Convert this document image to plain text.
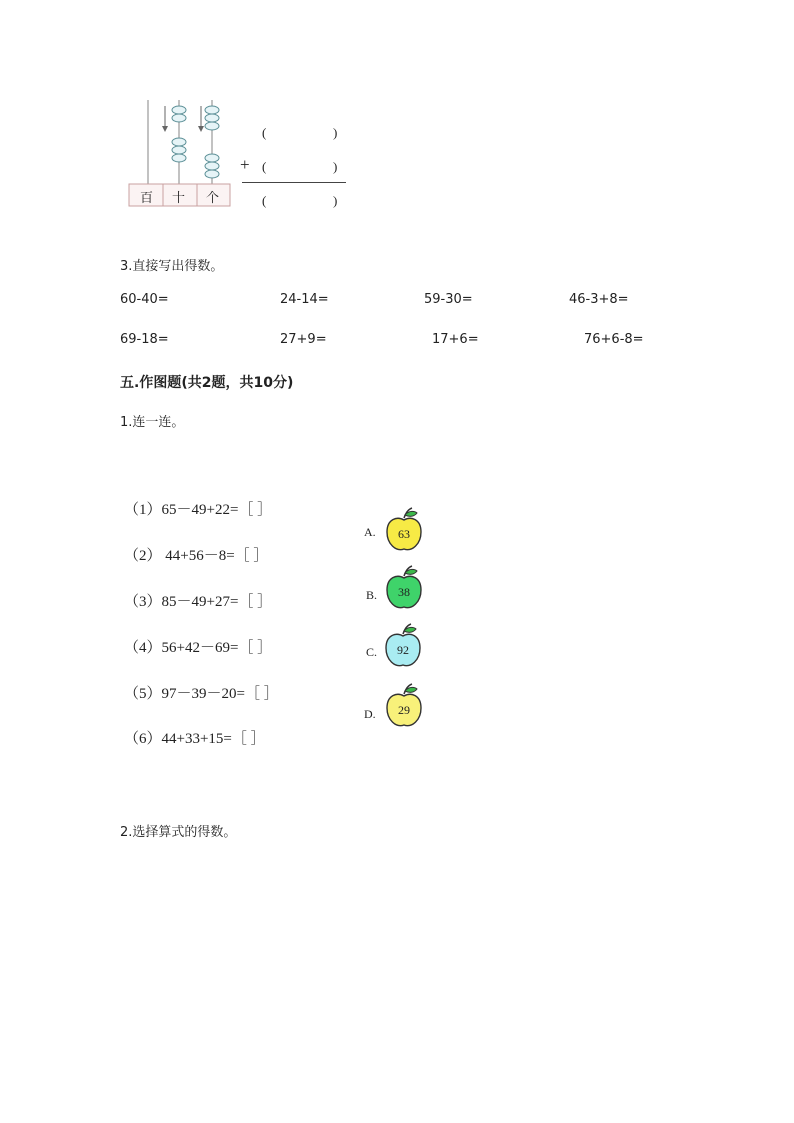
百 十 个
(	)
+ (	)
(	)
3.直接写出得数。
60-40=	24-14=	59-30=	46-3+8=
69-18=	27+9=	17+6=	76+6-8=
五.作图题(共2题，共10分)
1.连一连。
（1）65－49+22=［ ］
（2） 44+56－8=［ ］
（3）85－49+27=［ ］
（4）56+42－69=［ ］
（5）97－39－20=［ ］
（6）44+33+15=［ ］
A. 63
B. 38
C. 92
D. 29
2.选择算式的得数。
